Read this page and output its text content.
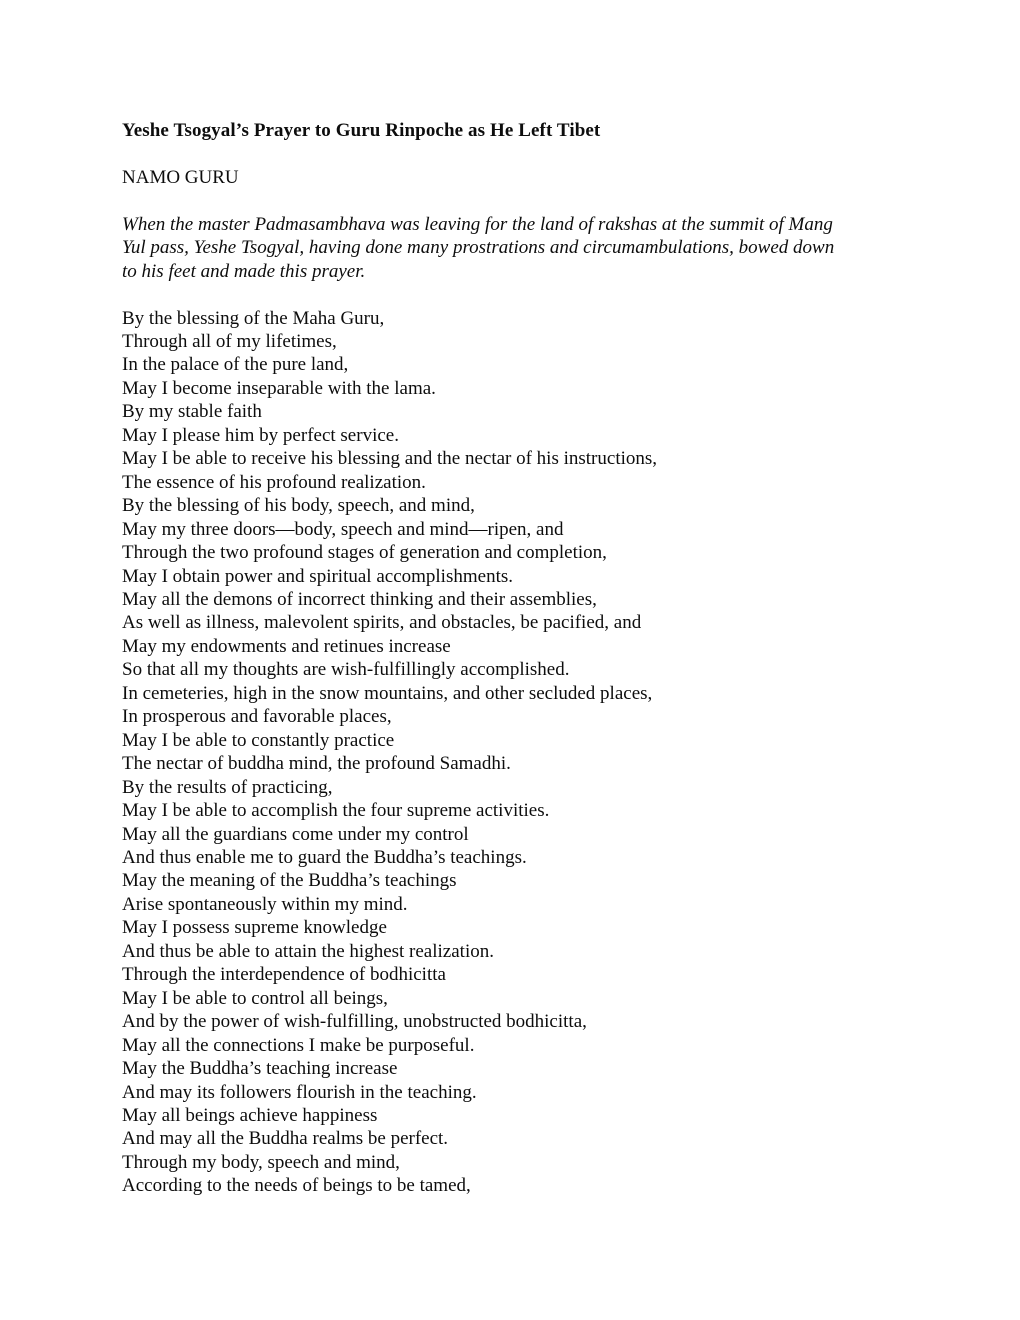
Yeshe Tsogyal’s Prayer to Guru Rinpoche as He Left Tibet

NAMO GURU

When the master Padmasambhava was leaving for the land of rakshas at the summit of Mang
Yul pass, Yeshe Tsogyal, having done many prostrations and circumambulations, bowed down
to his feet and made this prayer.
By the blessing of the Maha Guru,
Through all of my lifetimes,
In the palace of the pure land,
May I become inseparable with the lama.
By my stable faith
May I please him by perfect service.
May I be able to receive his blessing and the nectar of his instructions,
The essence of his profound realization.
By the blessing of his body, speech, and mind,
May my three doors—body, speech and mind—ripen, and
Through the two profound stages of generation and completion,
May I obtain power and spiritual accomplishments.
May all the demons of incorrect thinking and their assemblies,
As well as illness, malevolent spirits, and obstacles, be pacified, and
May my endowments and retinues increase
So that all my thoughts are wish-fulfillingly accomplished.
In cemeteries, high in the snow mountains, and other secluded places,
In prosperous and favorable places,
May I be able to constantly practice
The nectar of buddha mind, the profound Samadhi.
By the results of practicing,
May I be able to accomplish the four supreme activities.
May all the guardians come under my control
And thus enable me to guard the Buddha’s teachings.
May the meaning of the Buddha’s teachings
Arise spontaneously within my mind.
May I possess supreme knowledge
And thus be able to attain the highest realization.
Through the interdependence of bodhicitta
May I be able to control all beings,
And by the power of wish-fulfilling, unobstructed bodhicitta,
May all the connections I make be purposeful.
May the Buddha’s teaching increase
And may its followers flourish in the teaching.
May all beings achieve happiness
And may all the Buddha realms be perfect.
Through my body, speech and mind,
According to the needs of beings to be tamed,
